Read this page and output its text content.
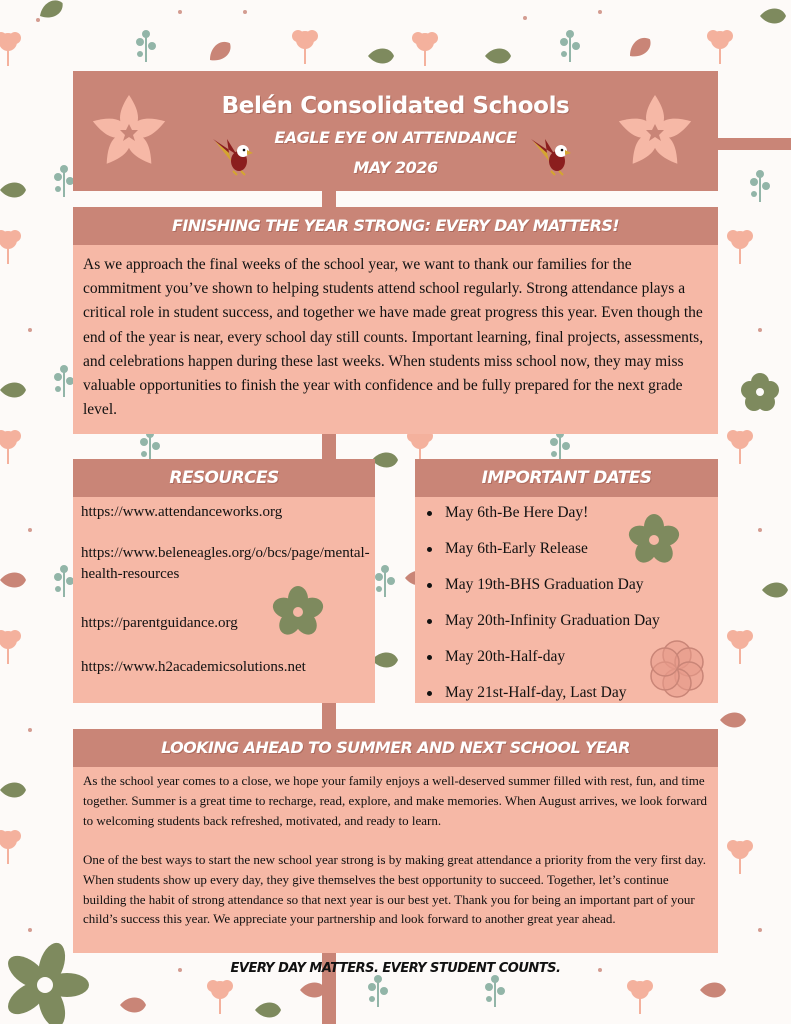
Belén Consolidated Schools
EAGLE EYE ON ATTENDANCE
MAY 2026
FINISHING THE YEAR STRONG: EVERY DAY MATTERS!

As we approach the final weeks of the school year, we want to thank our families for the commitment you’ve shown to helping students attend school regularly. Strong attendance plays a critical role in student success, and together we have made great progress this year. Even though the end of the year is near, every school day still counts. Important learning, final projects, assessments, and celebrations happen during these last weeks. When students miss school now, they may miss valuable opportunities to finish the year with confidence and be fully prepared for the next grade level.

RESOURCES
https://www.attendanceworks.org
https://www.beleneagles.org/o/bcs/page/mental-health-resources
https://parentguidance.org
https://www.h2academicsolutions.net
IMPORTANT DATES
May 6th-Be Here Day!
May 6th-Early Release
May 19th-BHS Graduation Day
May 20th-Infinity Graduation Day
May 20th-Half-day
May 21st-Half-day, Last Day
LOOKING AHEAD TO SUMMER AND NEXT SCHOOL YEAR

As the school year comes to a close, we hope your family enjoys a well-deserved summer filled with rest, fun, and time together. Summer is a great time to recharge, read, explore, and make memories. When August arrives, we look forward to welcoming students back refreshed, motivated, and ready to learn.

One of the best ways to start the new school year strong is by making great attendance a priority from the very first day. When students show up every day, they give themselves the best opportunity to succeed. Together, let’s continue building the habit of strong attendance so that next year is our best yet. Thank you for being an important part of your child’s success this year. We appreciate your partnership and look forward to another great year ahead.

EVERY DAY MATTERS. EVERY STUDENT COUNTS.
